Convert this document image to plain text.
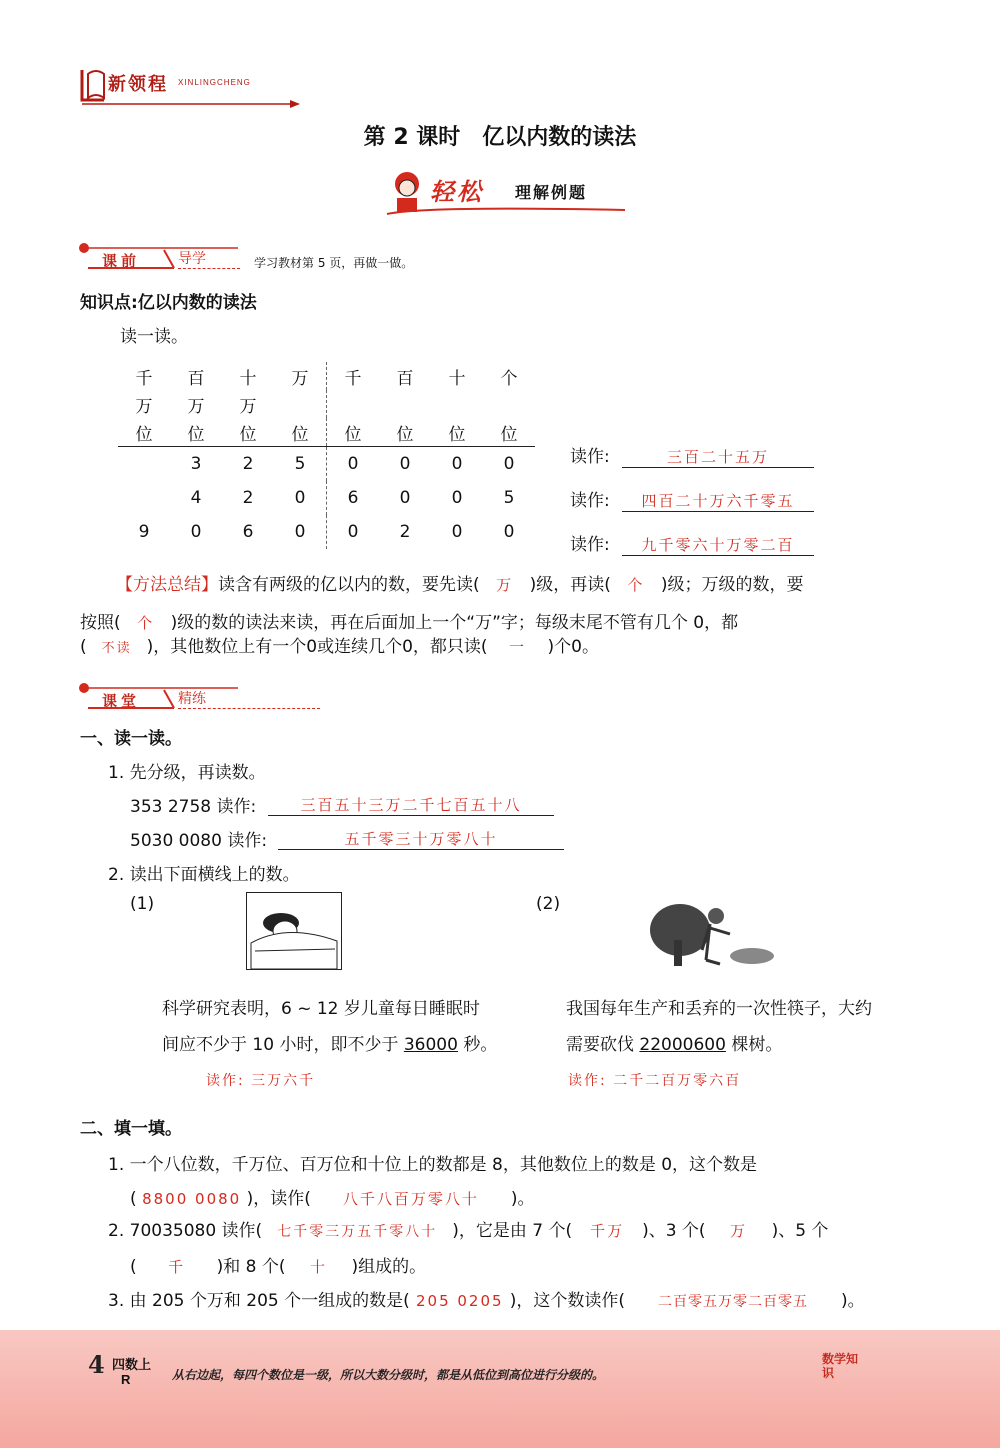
新领程 XINLINGCHENG
第 2 课时　亿以内数的读法
轻松 理解例题
课前	导学	学习教材第 5 页，再做一做。
知识点:亿以内数的读法
读一读。
千	百	十	万	千	百	十	个
万	万	万					
位	位	位	位	位	位	位	位
	3	2	5	0	0	0	0
	4	2	0	6	0	0	5
9	0	6	0	0	2	0	0
读作:	三百二十五万
读作:	四百二十万六千零五
读作:	九千零六十万零二百
【方法总结】读含有两级的亿以内的数，要先读( 万 )级，再读( 个 )级；万级的数，要
按照( 个 )级的数的读法来读，再在后面加上一个“万”字；每级末尾不管有几个 0，都
( 不读 )，其他数位上有一个0或连续几个0，都只读( 一 )个0。
课堂	精练
一、读一读。
1. 先分级，再读数。
353 2758 读作:	三百五十三万二千七百五十八
5030 0080 读作:	五千零三十万零八十
2. 读出下面横线上的数。
(1)	(2)
科学研究表明，6 ~ 12 岁儿童每日睡眠时
间应不少于 10 小时，即不少于 36000 秒。
读作: 三万六千
我国每年生产和丢弃的一次性筷子，大约
需要砍伐 22000600 棵树。
读作: 二千二百万零六百
二、填一填。
1. 一个八位数，千万位、百万位和十位上的数都是 8，其他数位上的数是 0，这个数是
( 8800 0080 )，读作( 八千八百万零八十 )。
2. 70035080 读作( 七千零三万五千零八十 )，它是由 7 个( 千万 )、3 个( 万 )、5 个
( 千 )和 8 个( 十 )组成的。
3. 由 205 个万和 205 个一组成的数是( 205 0205 )，这个数读作( 二百零五万零二百零五 )。
4 四数上
R	从右边起，每四个数位是一级，所以大数分级时，都是从低位到高位进行分级的。
数学知识
